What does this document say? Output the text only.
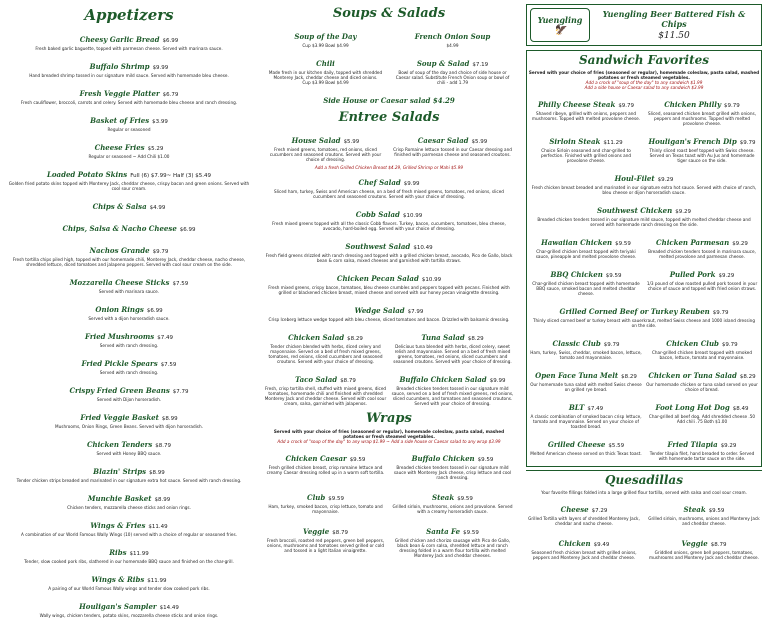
Appetizers
Cheesy Garlic Bread $6.99
Fresh baked garlic baguette, topped with parmesan cheese. Served with marinara sauce.
Buffalo Shrimp $9.99
Hand breaded shrimp tossed in our signature mild sauce. Served with homemade bleu cheese.
Fresh Veggie Platter $6.79
Fresh cauliflower, broccoli, carrots and celery. Served with homemade bleu cheese and ranch dressing.
Basket of Fries $3.99
Regular or seasoned
Cheese Fries $5.29
Regular or seasoned ~ Add Chili $1.00
Loaded Potato Skins Full (6) $7.99~ Half (3) $5.49
Golden fried potato skins topped with Monterey Jack, cheddar cheese, crispy bacon and green onions. Served with cool sour cream.
Chips & Salsa $4.99
Chips, Salsa & Nacho Cheese $6.99
Nachos Grande $9.79
Fresh tortilla chips piled high, topped with our homemade chili, Monterey Jack, cheddar cheese, nacho cheese, shredded lettuce, diced tomatoes and jalapeno peppers. Served with cool sour cream on the side.
Mozzarella Cheese Sticks $7.59
Served with marinara sauce.
Onion Rings $6.99
Served with a dijon horseradish sauce.
Fried Mushrooms $7.49
Served with ranch dressing.
Fried Pickle Spears $7.59
Served with ranch dressing.
Crispy Fried Green Beans $7.79
Served with Dijon horseradish.
Fried Veggie Basket $8.99
Mushrooms, Onion Rings, Green Beans. Served with dijon horseradish.
Chicken Tenders $8.79
Served with Honey BBQ sauce.
Blazin' Strips $8.99
Tender chicken strips breaded and marinated in our signature extra hot sauce. Served with ranch dressing.
Munchie Basket $8.99
Chicken tenders, mozzarella cheese sticks and onion rings.
Wings & Fries $11.49
A combination of our World Famous Wally Wings (10) served with a choice of regular or seasoned fries.
Ribs $11.99
Tender, slow cooked pork ribs, slathered in our homemade BBQ sauce and finished on the char-grill.
Wings & Ribs $11.99
A pairing of our World Famous Wally wings and tender slow cooked pork ribs.
Houligan's Sampler $14.49
Wally wings, chicken tenders, potato skins, mozzarella cheese sticks and onion rings.
Soups & Salads
Soup of the Day
Cup $3.99 Bowl $4.99
French Onion Soup
$4.99
Chili
Made fresh in our kitchen daily, topped with shredded Monterey Jack, cheddar cheese and diced onions.
Cup $3.99 Bowl $4.99
Soup & Salad $7.19
Bowl of soup of the day and choice of side house or Caesar salad. Substitute French Onion soup or bowl of chili - add 1.79
Side House or Caesar salad $4.29
Entree Salads
House Salad $5.99
Fresh mixed greens, tomatoes, red onions, sliced cucumbers and seasoned croutons. Served with your choice of dressing.
Caesar Salad $5.99
Crisp Romaine lettuce tossed in our Caesar dressing and finished with parmesan cheese and seasoned croutons.
Add a fresh Grilled Chicken Breast $4.29, Grilled Shrimp or Mahi $5.99
Chef Salad $9.99
Sliced ham, turkey, Swiss and American cheese, on a bed of fresh mixed greens, tomatoes, red onions, sliced cucumbers and seasoned croutons. Served with your choice of dressing.
Cobb Salad $10.99
Fresh mixed greens topped with all the classic Cobb flavors. Turkey, bacon, cucumbers, tomatoes, bleu cheese, avocado, hard-boiled egg. Served with your choice of dressing.
Southwest Salad $10.49
Fresh field greens drizzled with ranch dressing and topped with a grilled chicken breast, avocado, Pico de Gallo, black bean & corn salsa, mixed cheeses and garnished with tortilla straws.
Chicken Pecan Salad $10.99
Fresh mixed greens, crispy bacon, tomatoes, bleu cheese crumbles and peppers topped with pecans. Finished with grilled or blackened chicken breast, mixed cheese and served with our honey pecan vinaigrette dressing.
Wedge Salad $7.99
Crisp Iceberg lettuce wedge topped with bleu cheese, sliced tomatoes and bacon. Drizzled with balsamic dressing.
Chicken Salad $8.29
Tender chicken blended with herbs, diced celery and mayonnaise. Served on a bed of fresh mixed greens, tomatoes, red onions, sliced cucumbers and seasoned croutons. Served with your choice of dressing.
Tuna Salad $8.29
Delicious tuna blended with herbs, diced celery, sweet relish and mayonnaise. Served on a bed of fresh mixed greens, tomatoes, red onions, sliced cucumbers and seasoned croutons. Served with your choice of dressing.
Taco Salad $8.79
Fresh, crisp tortilla shell, stuffed with mixed greens, diced tomatoes, homemade chili and finished with shredded Monterey Jack and cheddar cheese. Served with cool sour cream, salsa, garnished with jalapenos.
Buffalo Chicken Salad $9.99
Breaded chicken tenders tossed in our signature mild sauce, served on a bed of fresh mixed greens, red onions, sliced cucumbers, and tomatoes and seasoned croutons. Served with your choice of dressing.
Wraps
Served with your choice of fries (seasoned or regular), homemade coleslaw, pasta salad, mashed potatoes or fresh steamed vegetables.
Add a crock of "soup of the day" to any wrap $1.99 ~ Add a side house or Caesar salad to any wrap $3.99
Chicken Caesar $9.59
Fresh grilled chicken breast, crisp romaine lettuce and creamy Caesar dressing rolled up in a warm soft tortilla.
Buffalo Chicken $9.59
Breaded chicken tenders tossed in our signature mild sauce with Monterey Jack cheese, crisp lettuce and cool ranch dressing.
Club $9.59
Ham, turkey, smoked bacon, crisp lettuce, tomato and mayonnaise.
Steak $9.59
Grilled sirloin, mushrooms, onions and provolone. Served with a creamy horseradish sauce.
Veggie $8.79
Fresh broccoli, roasted red peppers, green bell peppers, onions, mushrooms and tomatoes served grilled or cold and tossed in a light Italian vinaigrette.
Santa Fe $9.59
Grilled chicken and chorizo sausage with Pico de Gallo, black bean & corn salsa, shredded lettuce and ranch dressing folded in a warm flour tortilla with melted Monterey Jack and cheddar cheeses.
Yuengling
🦅
Yuengling Beer Battered Fish & Chips
$11.50
Sandwich Favorites
Served with your choice of fries (seasoned or regular), homemade coleslaw, pasta salad, mashed potatoes or fresh steamed vegetables.
Add a crock of "soup of the day" to any sandwich $1.99
Add a side house or Caesar salad to any sandwich $3.99
Philly Cheese Steak $9.79
Shaved ribeye, grilled with onions, peppers and mushrooms. Topped with melted provolone cheese.
Chicken Philly $9.79
Sliced, seasoned chicken breast grilled with onions, peppers and mushrooms. Topped with melted provolone cheese.
Sirloin Steak $11.29
Choice Sirloin seasoned and char-grilled to perfection. Finished with grilled onions and provolone cheese.
Houligan's French Dip $9.79
Thinly sliced roast beef topped with Swiss cheese. Served on Texas toast with Au Jus and homemade tiger sauce on the side.
Houl-Filet $9.29
Fresh chicken breast breaded and marinated in our signature extra hot sauce. Served with choice of ranch, bleu cheese or dijon horseradish sauce.
Southwest Chicken $9.29
Breaded chicken tenders tossed in our signature mild sauce, topped with melted cheddar cheese and served with homemade ranch dressing on the side.
Hawaiian Chicken $9.59
Char-grilled chicken breast topped with teriyaki sauce, pineapple and melted provolone cheese.
Chicken Parmesan $9.29
Breaded chicken tenders tossed in marinara sauce, melted provolone and parmesan cheese.
BBQ Chicken $9.59
Char-grilled chicken breast topped with homemade BBQ sauce, smoked bacon and melted cheddar cheese.
Pulled Pork $9.29
1/3 pound of slow roasted pulled pork tossed in your choice of sauce and topped with fried onion straws.
Grilled Corned Beef or Turkey Reuben $9.79
Thinly sliced corned beef or turkey breast with sauerkraut, melted Swiss cheese and 1000 island dressing on the side.
Classic Club $9.79
Ham, turkey, Swiss, cheddar, smoked bacon, lettuce, tomato and mayonnaise.
Chicken Club $9.79
Char-grilled chicken breast topped with smoked bacon, lettuce, tomato and mayonnaise.
Open Face Tuna Melt $8.29
Our homemade tuna salad with melted Swiss cheese on grilled rye bread.
Chicken or Tuna Salad $8.29
Our homemade chicken or tuna salad served on your choice of bread.
BLT $7.49
A classic combination of smoked bacon crisp lettuce, tomato and mayonnaise. Served on your choice of toasted bread.
Foot Long Hot Dog $8.49
Char-grilled all beef dog. Add shredded cheese .50 Add chili .75 Both $1.00
Grilled Cheese $5.59
Melted American cheese served on thick Texas toast.
Fried Tilapia $9.29
Tender tilapia filet, hand breaded to order. Served with homemade tartar sauce on the side.
Quesadillas
Your favorite fillings folded into a large grilled flour tortilla, served with salsa and cool sour cream.
Cheese $7.29
Grilled Tortilla with layers of shredded Monterey Jack, cheddar and nacho cheese.
Steak $9.59
Grilled sirloin, mushrooms, onions and Monterey Jack and cheddar cheese.
Chicken $9.49
Seasoned fresh chicken breast with grilled onions, peppers and Monterey Jack and cheddar cheese.
Veggie $8.79
Griddled onions, green bell peppers, tomatoes, mushrooms and Monterey Jack and cheddar cheese.
